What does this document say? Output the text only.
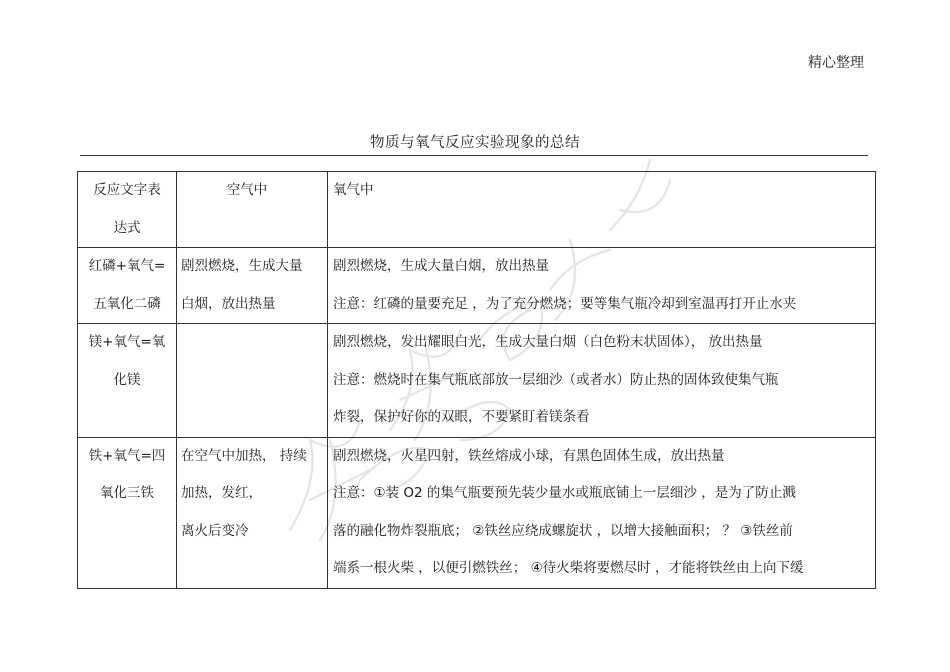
精心整理
物质与氧气反应实验现象的总结
反应文字表
达式	空气中	氧气中

红磷+氧气=
五氧化二磷	剧烈燃烧，生成大量
白烟，放出热量	剧烈燃烧，生成大量白烟，放出热量
注意：红磷的量要充足 ，为了充分燃烧；要等集气瓶冷却到室温再打开止水夹

镁+氧气=氧
化镁		剧烈燃烧，发出耀眼白光，生成大量白烟（白色粉末状固体）， 放出热量
注意：燃烧时在集气瓶底部放一层细沙（或者水）防止热的固体致使集气瓶
炸裂，保护好你的双眼，不要紧盯着镁条看

铁+氧气=四
氧化三铁	在空气中加热， 持续
加热，发红，
离火后变冷	剧烈燃烧，火星四射，铁丝熔成小球，有黑色固体生成，放出热量
注意：①装 O2 的集气瓶要预先装少量水或瓶底铺上一层细沙 ，是为了防止溅
落的融化物炸裂瓶底； ②铁丝应绕成螺旋状 ，以增大接触面积； ？ ③铁丝前
端系一根火柴 ，以便引燃铁丝； ④待火柴将要燃尽时 ，才能将铁丝由上向下缓
